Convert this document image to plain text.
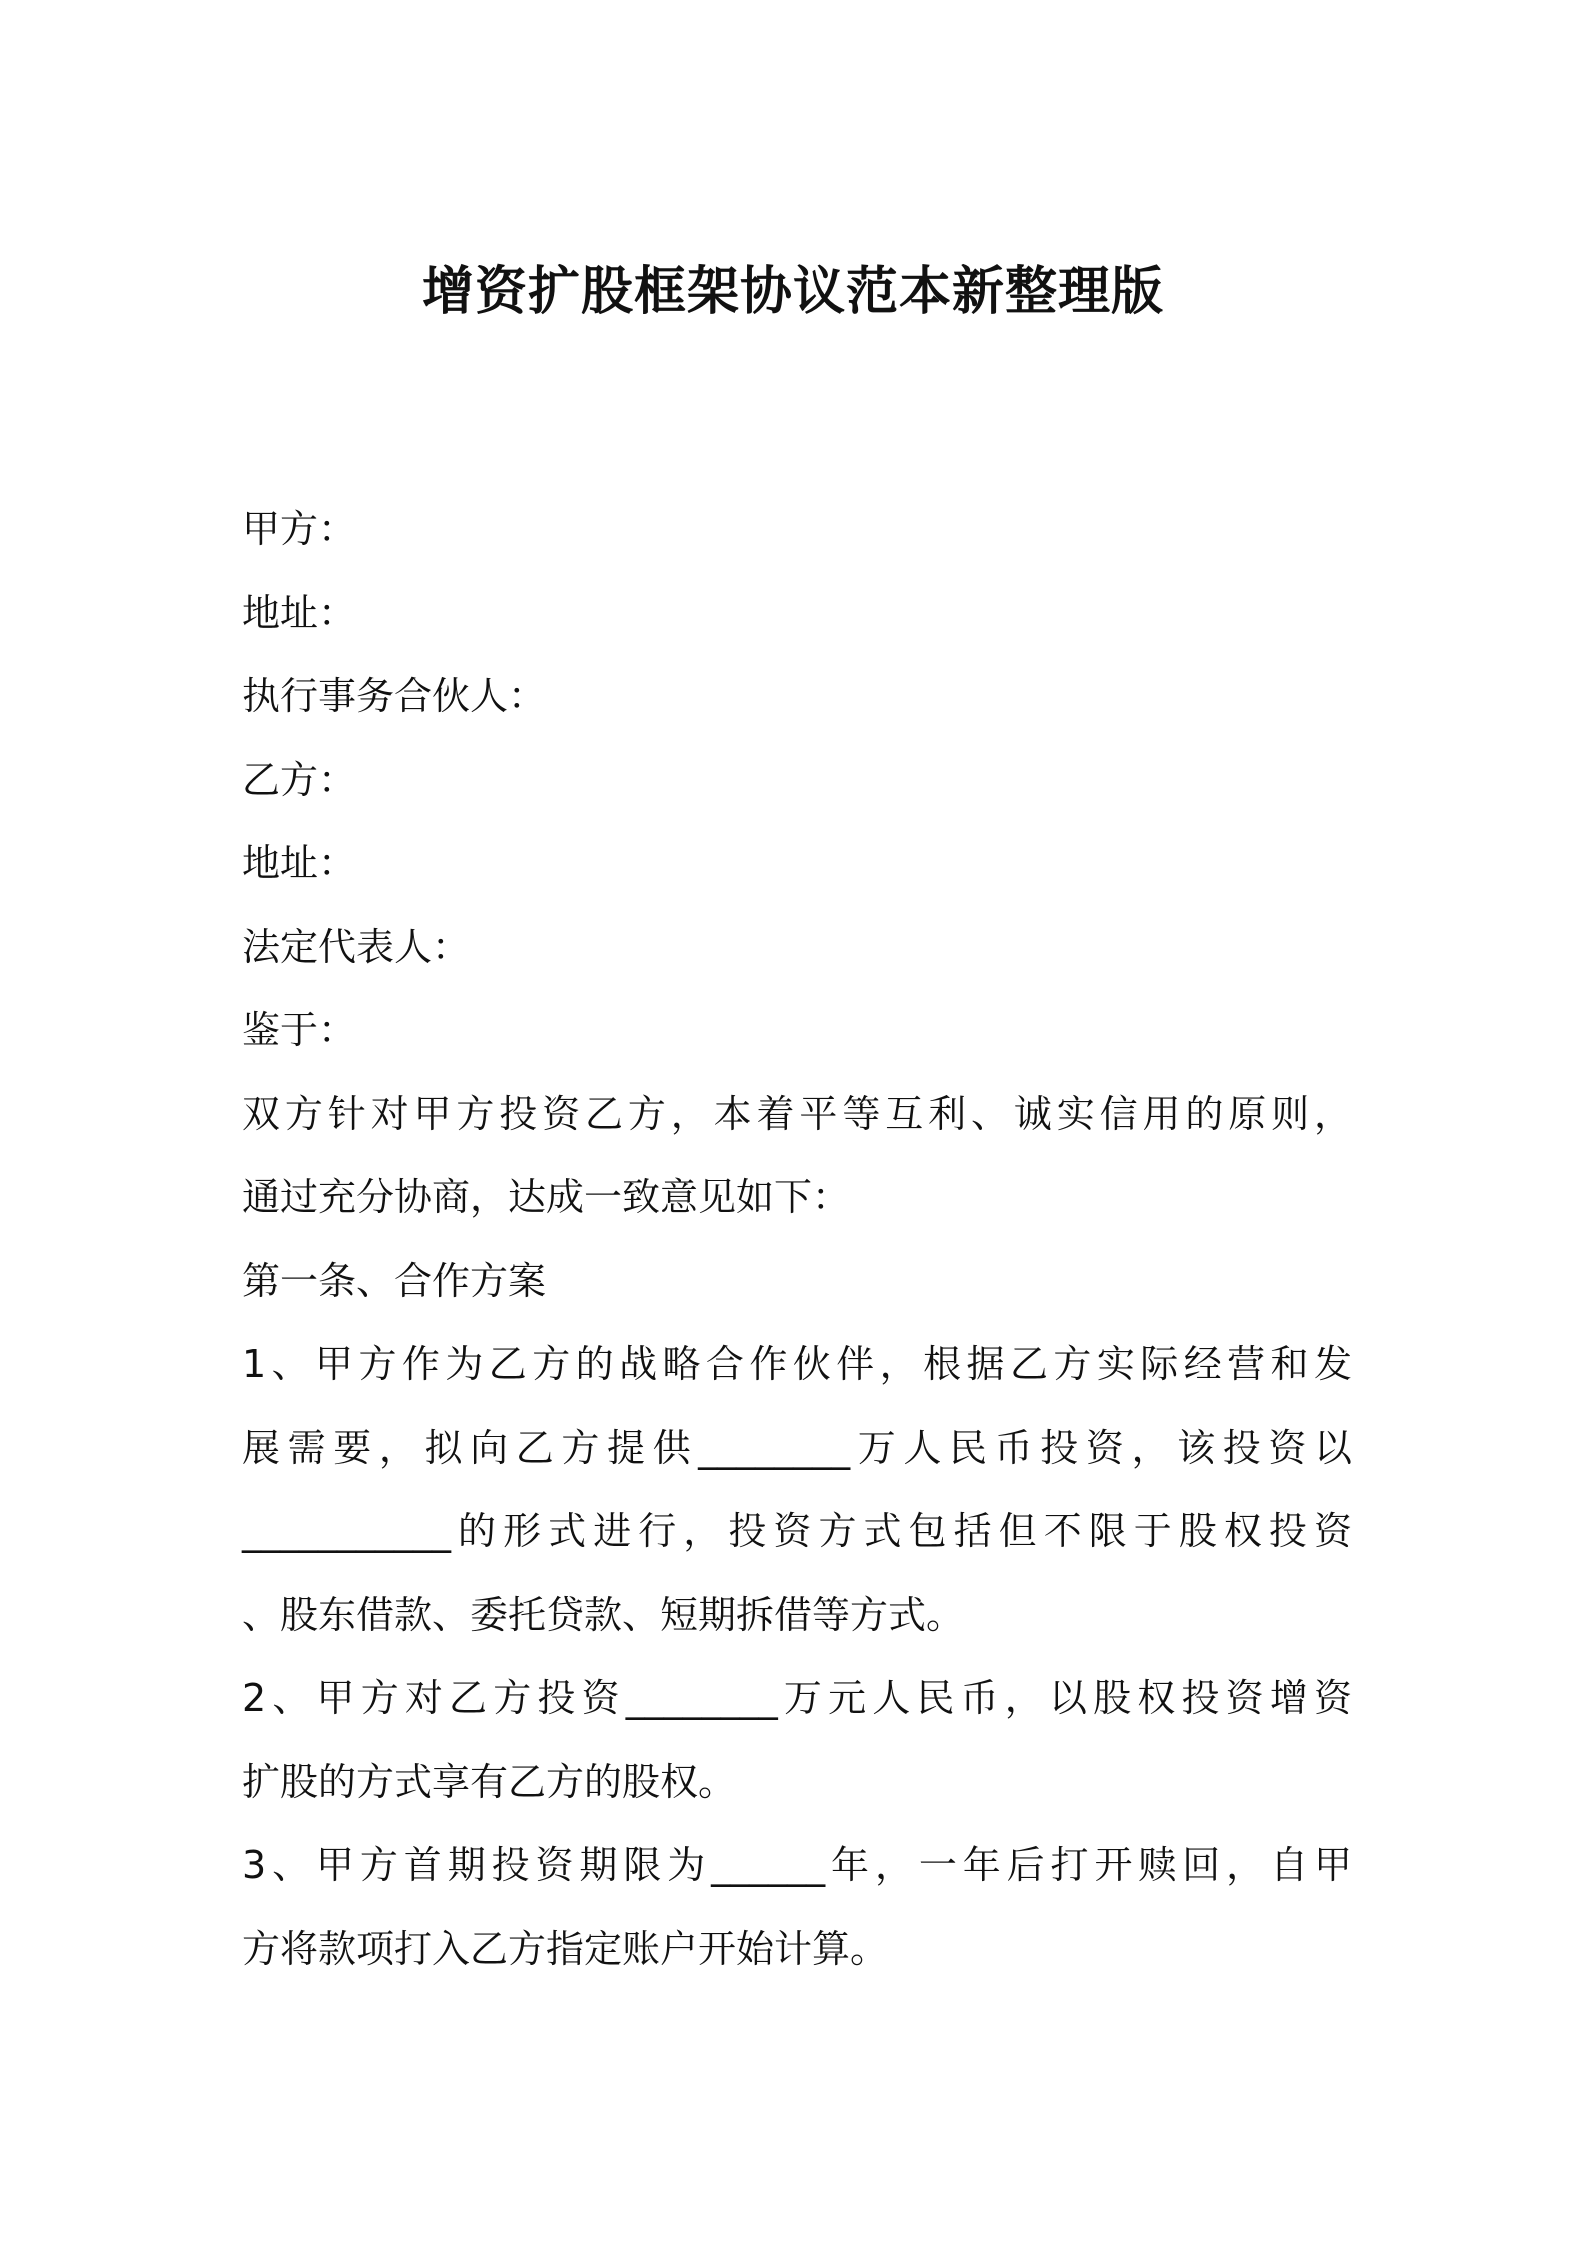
增资扩股框架协议范本新整理版

甲方：

地址：

执行事务合伙人：

乙方：

地址：

法定代表人：

鉴于：

双方针对甲方投资乙方，本着平等互利、诚实信用的原则，

通过充分协商，达成一致意见如下：

第一条、合作方案

1、甲方作为乙方的战略合作伙伴，根据乙方实际经营和发

展需要，拟向乙方提供________万人民币投资，该投资以

___________的形式进行，投资方式包括但不限于股权投资

、股东借款、委托贷款、短期拆借等方式。

2、甲方对乙方投资________万元人民币，以股权投资增资

扩股的方式享有乙方的股权。

3、甲方首期投资期限为______年，一年后打开赎回，自甲

方将款项打入乙方指定账户开始计算。
